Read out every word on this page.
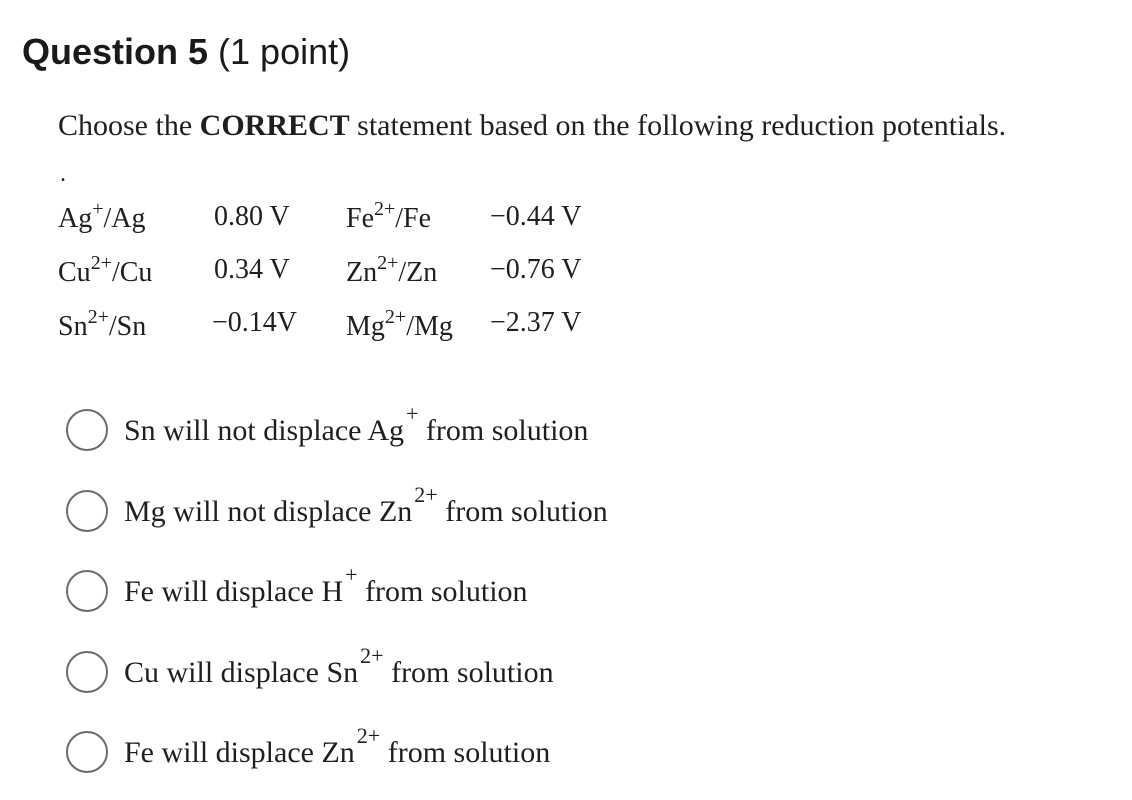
Question 5 (1 point)
Choose the CORRECT statement based on the following reduction potentials.
.
Ag+/Ag 0.80 V
$Cu^{2+}/Cu$ 0.34 V
$Sn^{2+}/Sn -0.14V$
$Fe^{2+}/Fe -0.44$ V
$Zn^{2+}/Zn -0.76$ V
$Mg^{2+}/Mg -2.37$ V
Sn will not displace Ag+ from solution
Mg will not displace $Zn^{2+}$ from solution
Fe will displace H+ from solution
Cu will displace $Sn^{2+}$ from solution
Fe will displace $Zn^{2+}$ from solution
